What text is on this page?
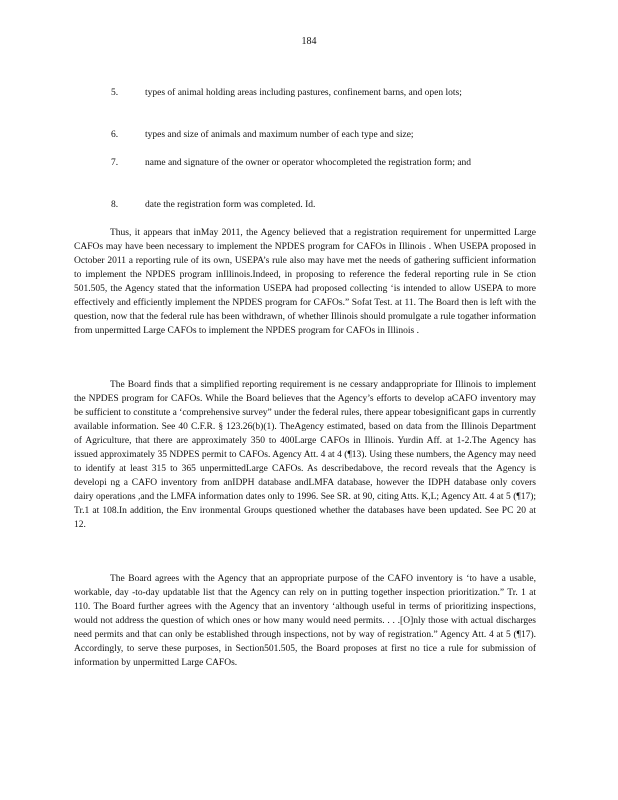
184
5.	types of animal holding areas including pastures, confinement barns, and open lots;
6.	types and size of animals and maximum number of each type and size;
7.	name and signature of the owner or operator whocompleted the registration form; and
8.	date the registration form was completed. Id.

Thus, it appears that inMay 2011, the Agency believed that a registration requirement for unpermitted Large CAFOs may have been necessary to implement the NPDES program for CAFOs in Illinois . When USEPA proposed in October 2011 a reporting rule of its own, USEPA’s rule also may have met the needs of gathering sufficient information to implement the NPDES program inIllinois.Indeed, in proposing to reference the federal reporting rule in Se ction 501.505, the Agency stated that the information USEPA had proposed collecting ‘is intended to allow USEPA to more effectively and efficiently implement the NPDES program for CAFOs.” Sofat Test. at 11. The Board then is left with the question, now that the federal rule has been withdrawn, of whether Illinois should promulgate a rule togather information from unpermitted Large CAFOs to implement the NPDES program for CAFOs in Illinois .

The Board finds that a simplified reporting requirement is ne cessary andappropriate for Illinois to implement the NPDES program for CAFOs. While the Board believes that the Agency’s efforts to develop aCAFO inventory may be sufficient to constitute a ‘comprehensive survey” under the federal rules, there appear tobesignificant gaps in currently available information. See 40 C.F.R. § 123.26(b)(1). TheAgency estimated, based on data from the Illinois Department of Agriculture, that there are approximately 350 to 400Large CAFOs in Illinois. Yurdin Aff. at 1-2.The Agency has issued approximately 35 NDPES permit to CAFOs. Agency Att. 4 at 4 (¶13). Using these numbers, the Agency may need to identify at least 315 to 365 unpermittedLarge CAFOs. As describedabove, the record reveals that the Agency is developi ng a CAFO inventory from anIDPH database andLMFA database, however the IDPH database only covers dairy operations ,and the LMFA information dates only to 1996. See SR. at 90, citing Atts. K,L; Agency Att. 4 at 5 (¶17); Tr.1 at 108.In addition, the Env ironmental Groups questioned whether the databases have been updated. See PC 20 at 12.

The Board agrees with the Agency that an appropriate purpose of the CAFO inventory is ‘to have a usable, workable, day -to-day updatable list that the Agency can rely on in putting together inspection prioritization.” Tr. 1 at 110. The Board further agrees with the Agency that an inventory ‘although useful in terms of prioritizing inspections, would not address the question of which ones or how many would need permits. . . .[O]nly those with actual discharges need permits and that can only be established through inspections, not by way of registration.” Agency Att. 4 at 5 (¶17). Accordingly, to serve these purposes, in Section501.505, the Board proposes at first no tice a rule for submission of information by unpermitted Large CAFOs.
